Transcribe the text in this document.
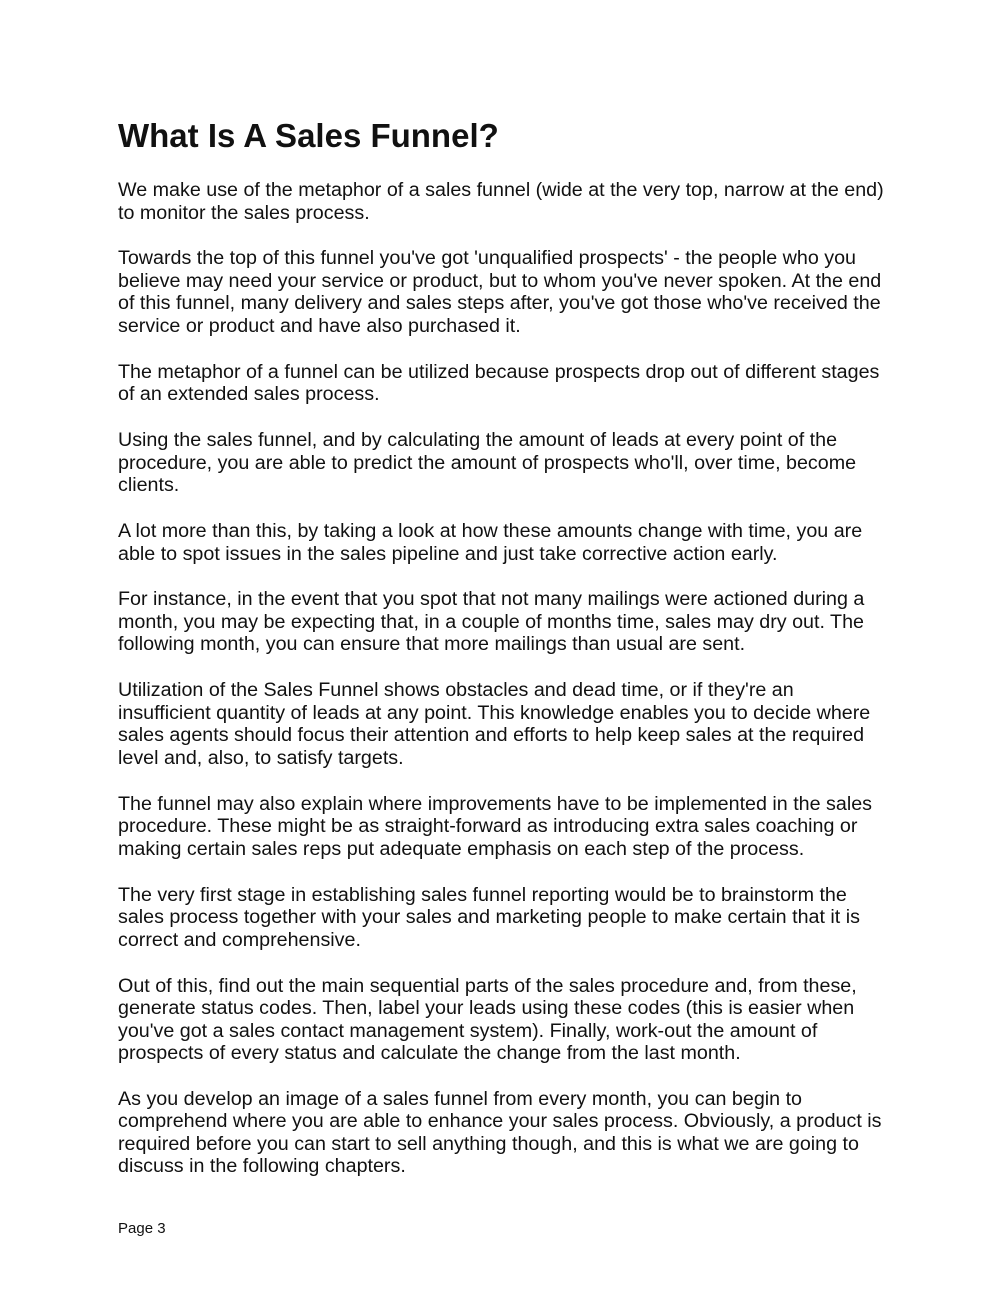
What Is A Sales Funnel?

We make use of the metaphor of a sales funnel (wide at the very top, narrow at the end) to monitor the sales process.

Towards the top of this funnel you've got 'unqualified prospects' - the people who you believe may need your service or product, but to whom you've never spoken. At the end of this funnel, many delivery and sales steps after, you've got those who've received the service or product and have also purchased it.

The metaphor of a funnel can be utilized because prospects drop out of different stages of an extended sales process.

Using the sales funnel, and by calculating the amount of leads at every point of the procedure, you are able to predict the amount of prospects who'll, over time, become clients.

A lot more than this, by taking a look at how these amounts change with time, you are able to spot issues in the sales pipeline and just take corrective action early.

For instance, in the event that you spot that not many mailings were actioned during a month, you may be expecting that, in a couple of months time, sales may dry out. The following month, you can ensure that more mailings than usual are sent.

Utilization of the Sales Funnel shows obstacles and dead time, or if they're an insufficient quantity of leads at any point. This knowledge enables you to decide where sales agents should focus their attention and efforts to help keep sales at the required level and, also, to satisfy targets.

The funnel may also explain where improvements have to be implemented in the sales procedure. These might be as straight-forward as introducing extra sales coaching or making certain sales reps put adequate emphasis on each step of the process.

The very first stage in establishing sales funnel reporting would be to brainstorm the sales process together with your sales and marketing people to make certain that it is correct and comprehensive.

Out of this, find out the main sequential parts of the sales procedure and, from these, generate status codes. Then, label your leads using these codes (this is easier when you've got a sales contact management system). Finally, work-out the amount of prospects of every status and calculate the change from the last month.

As you develop an image of a sales funnel from every month, you can begin to comprehend where you are able to enhance your sales process. Obviously, a product is required before you can start to sell anything though, and this is what we are going to discuss in the following chapters.

Page 3
